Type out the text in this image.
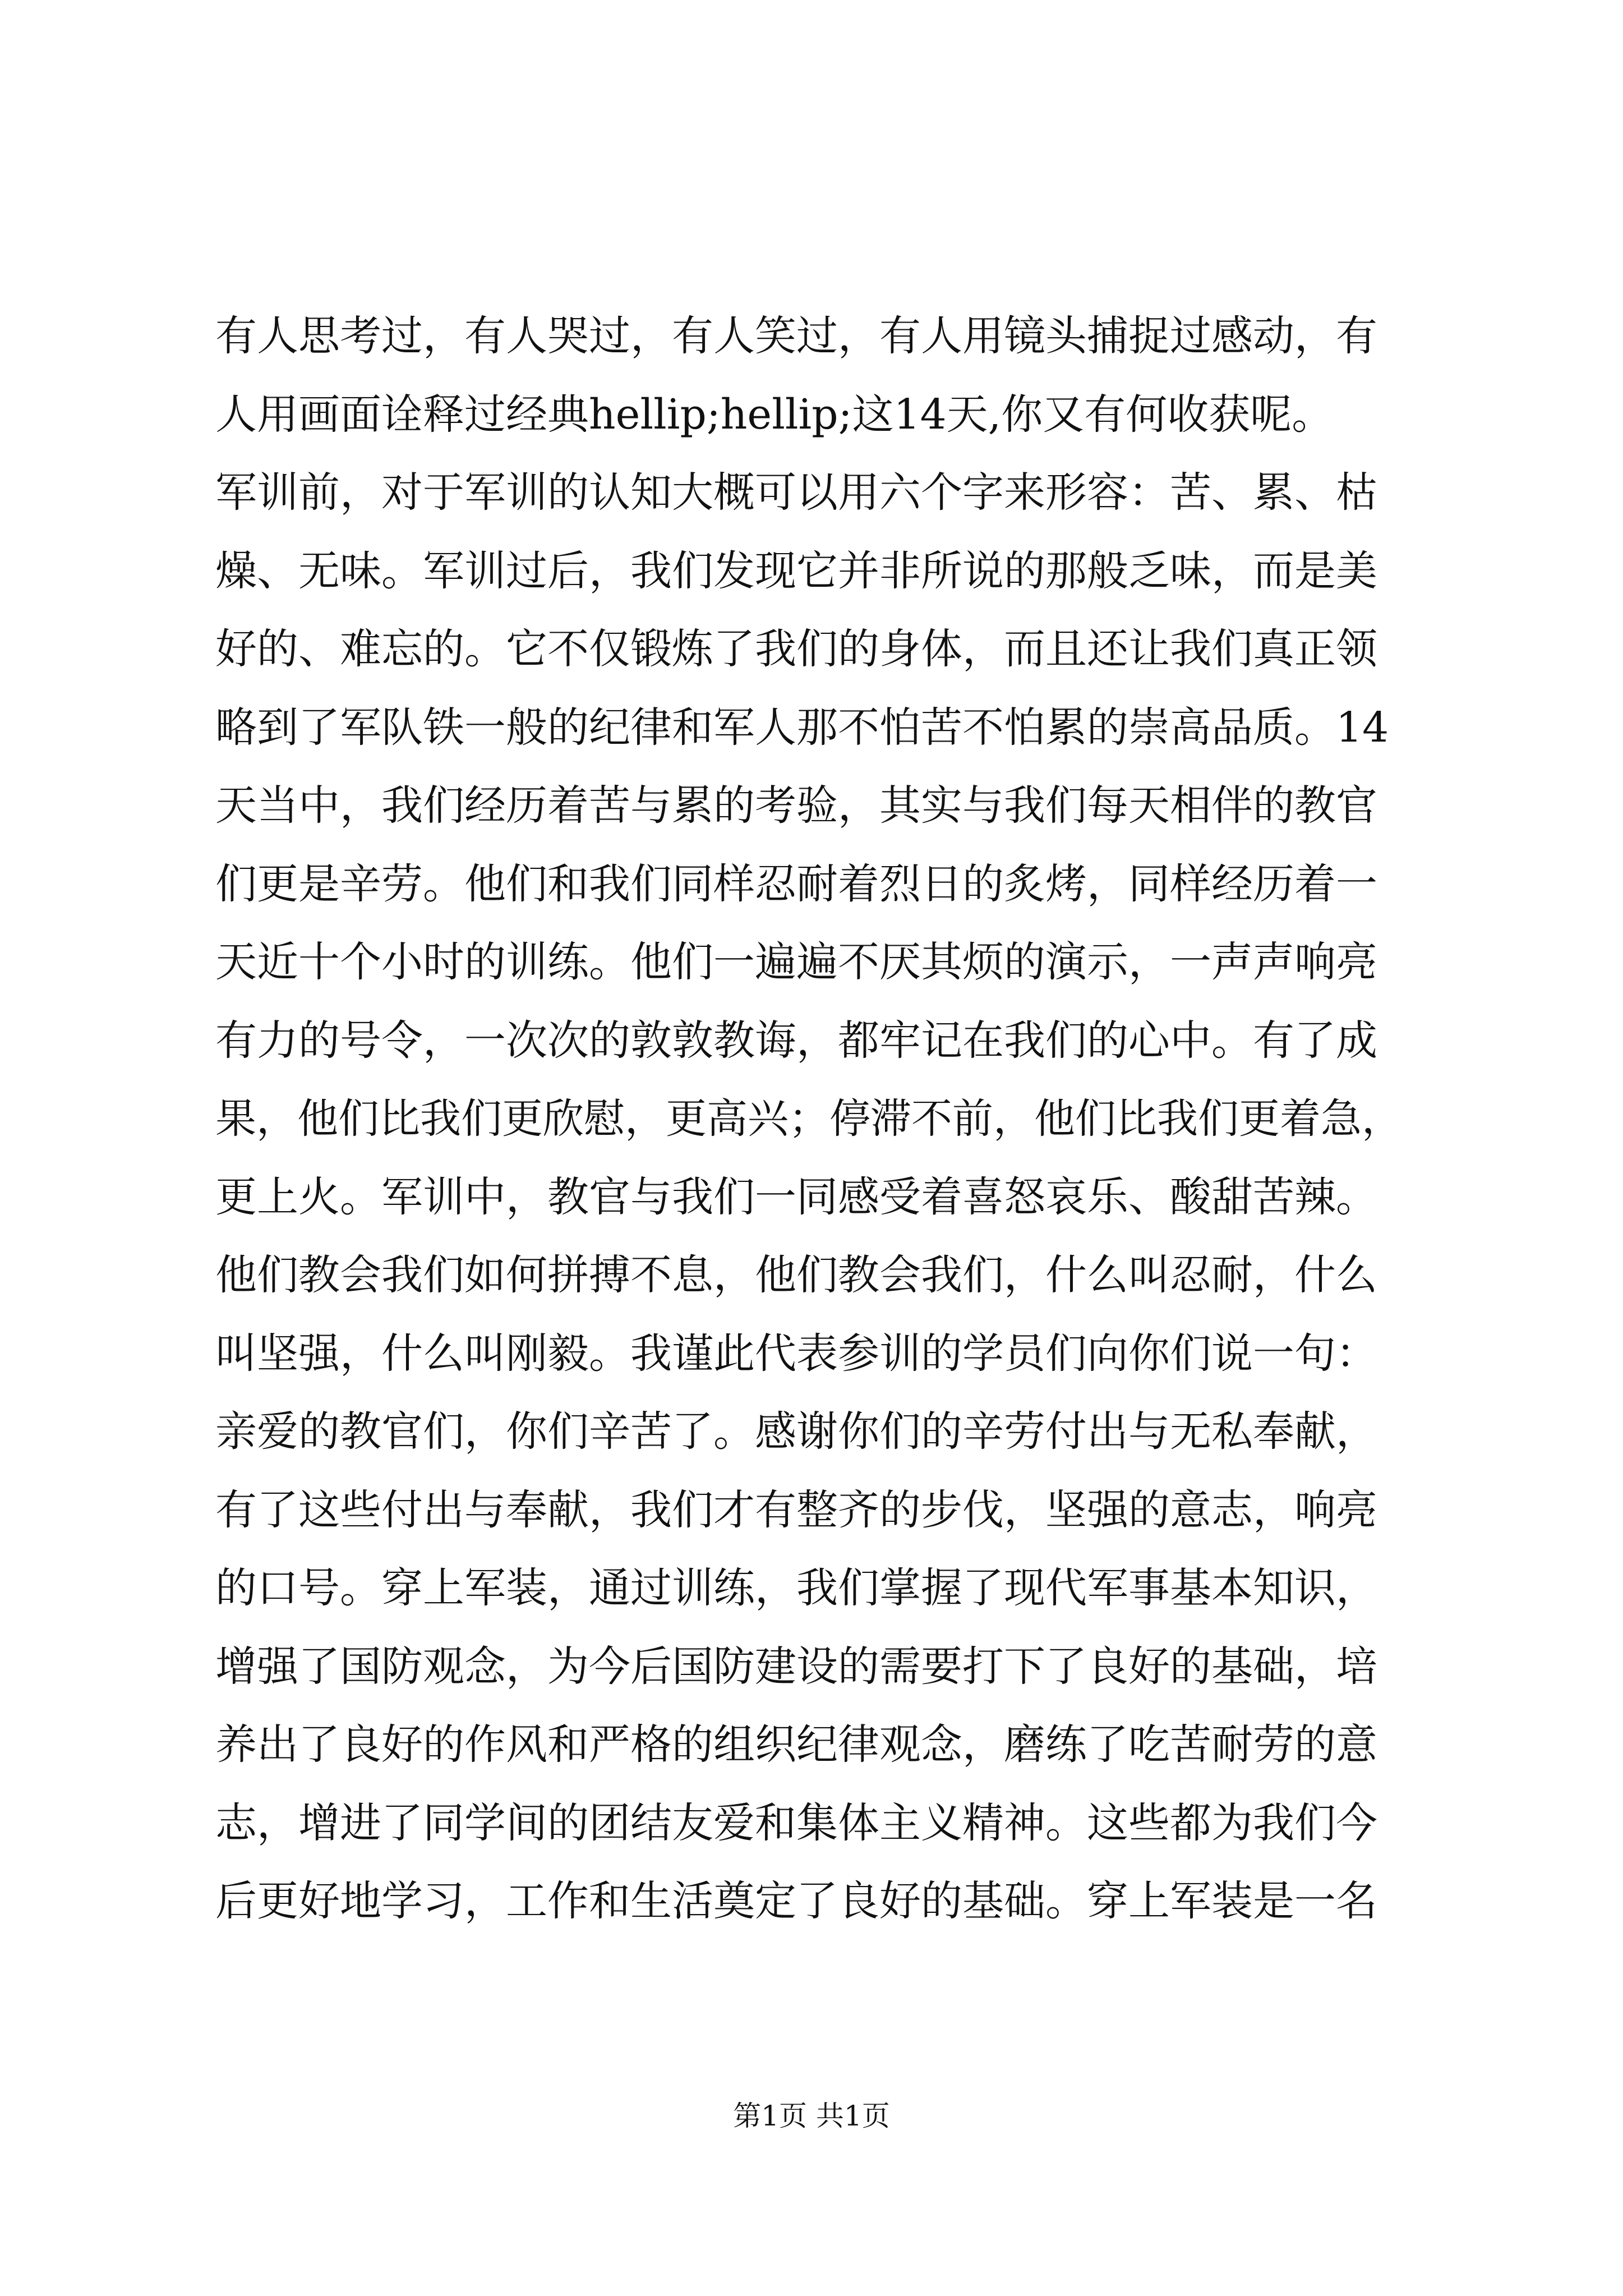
有人思考过，有人哭过，有人笑过，有人用镜头捕捉过感动，有
人用画面诠释过经典hellip;hellip;这14天,你又有何收获呢。
军训前，对于军训的认知大概可以用六个字来形容：苦、累、枯
燥、无味。军训过后，我们发现它并非所说的那般乏味，而是美
好的、难忘的。它不仅锻炼了我们的身体，而且还让我们真正领
略到了军队铁一般的纪律和军人那不怕苦不怕累的崇高品质。14
天当中，我们经历着苦与累的考验，其实与我们每天相伴的教官
们更是辛劳。他们和我们同样忍耐着烈日的炙烤，同样经历着一
天近十个小时的训练。他们一遍遍不厌其烦的演示，一声声响亮
有力的号令，一次次的敦敦教诲，都牢记在我们的心中。有了成
果，他们比我们更欣慰，更高兴；停滞不前，他们比我们更着急，
更上火。军训中，教官与我们一同感受着喜怒哀乐、酸甜苦辣。
他们教会我们如何拼搏不息，他们教会我们，什么叫忍耐，什么
叫坚强，什么叫刚毅。我谨此代表参训的学员们向你们说一句：
亲爱的教官们，你们辛苦了。感谢你们的辛劳付出与无私奉献，
有了这些付出与奉献，我们才有整齐的步伐，坚强的意志，响亮
的口号。穿上军装，通过训练，我们掌握了现代军事基本知识，
增强了国防观念，为今后国防建设的需要打下了良好的基础，培
养出了良好的作风和严格的组织纪律观念，磨练了吃苦耐劳的意
志，增进了同学间的团结友爱和集体主义精神。这些都为我们今
后更好地学习，工作和生活奠定了良好的基础。穿上军装是一名
第1页 共1页
